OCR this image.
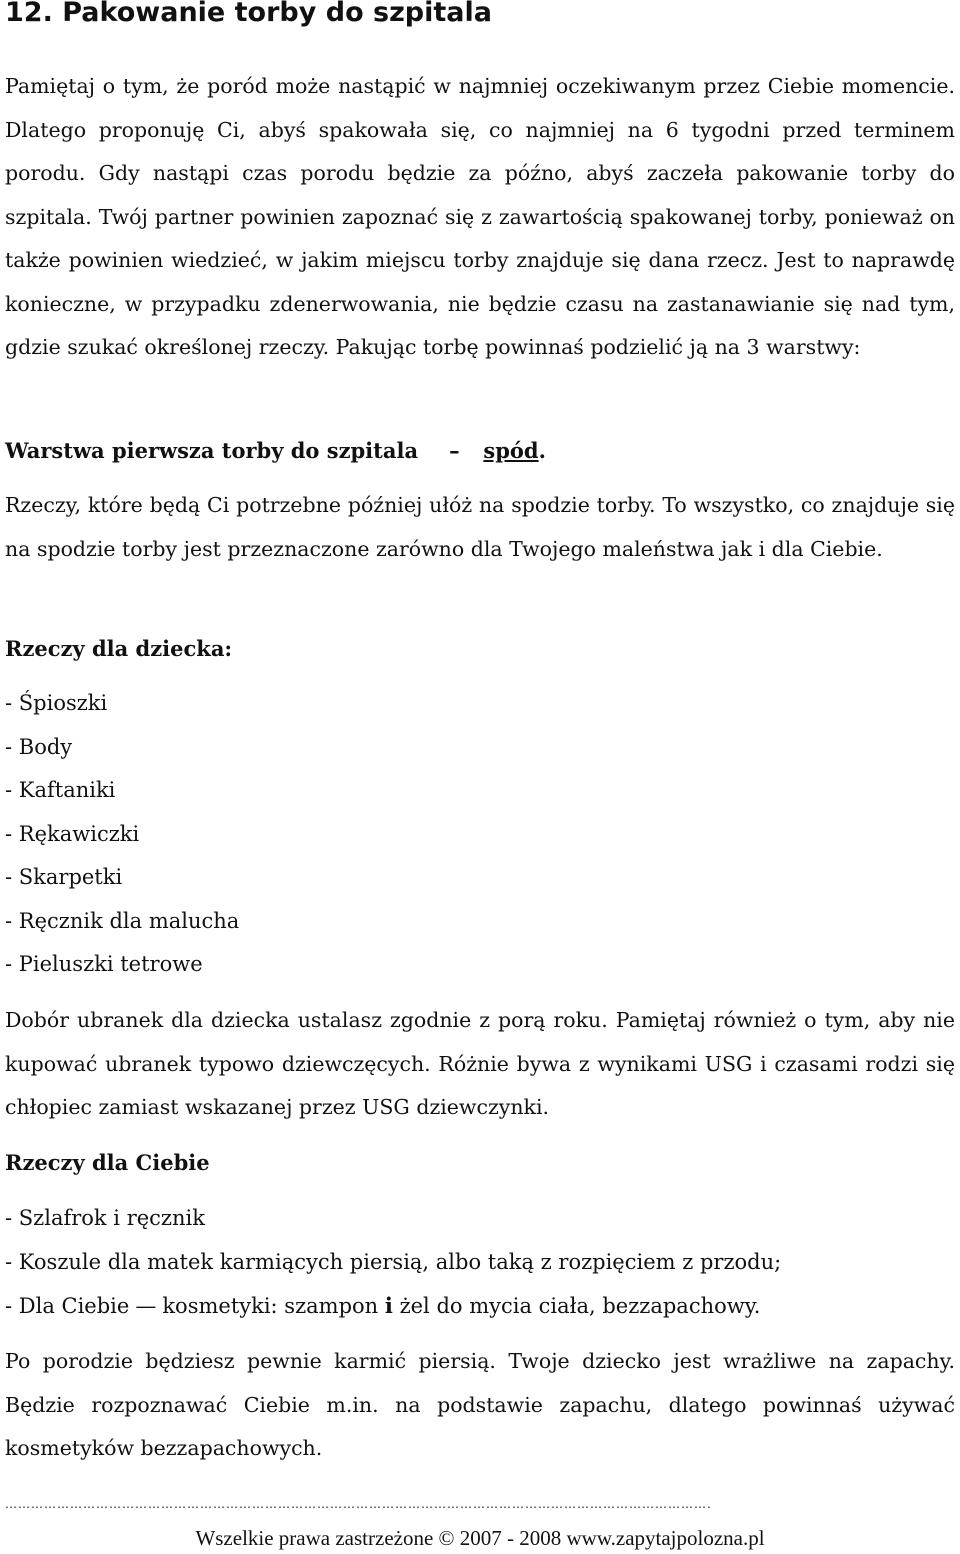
12. Pakowanie torby do szpitala

Pamiętaj o tym, że poród może nastąpić w najmniej oczekiwanym przez Ciebie momencie. Dlatego proponuję Ci, abyś spakowała się, co najmniej na 6 tygodni przed terminem porodu. Gdy nastąpi czas porodu będzie za późno, abyś zaczeła pakowanie torby do szpitala. Twój partner powinien zapoznać się z zawartością spakowanej torby, ponieważ on także powinien wiedzieć, w jakim miejscu torby znajduje się dana rzecz. Jest to naprawdę konieczne, w przypadku zdenerwowania, nie będzie czasu na zastanawianie się nad tym, gdzie szukać określonej rzeczy. Pakując torbę powinnaś podzielić ją na 3 warstwy:

Warstwa pierwsza torby do szpitala – spód.

Rzeczy, które będą Ci potrzebne później ułóż na spodzie torby. To wszystko, co znajduje się na spodzie torby jest przeznaczone zarówno dla Twojego maleństwa jak i dla Ciebie.

Rzeczy dla dziecka:

- Śpioszki
- Body
- Kaftaniki
- Rękawiczki
- Skarpetki
- Ręcznik dla malucha
- Pieluszki tetrowe

Dobór ubranek dla dziecka ustalasz zgodnie z porą roku. Pamiętaj również o tym, aby nie kupować ubranek typowo dziewczęcych. Różnie bywa z wynikami USG i czasami rodzi się chłopiec zamiast wskazanej przez USG dziewczynki.

Rzeczy dla Ciebie

- Szlafrok i ręcznik
- Koszule dla matek karmiących piersią, albo taką z rozpięciem z przodu;
- Dla Ciebie — kosmetyki: szampon i żel do mycia ciała, bezzapachowy.

Po porodzie będziesz pewnie karmić piersią. Twoje dziecko jest wrażliwe na zapachy. Będzie rozpoznawać Ciebie m.in. na podstawie zapachu, dlatego powinnaś używać kosmetyków bezzapachowych.

……………………………………………………………………………………………………………………………………………….
Wszelkie prawa zastrzeżone © 2007 - 2008 www.zapytajpolozna.pl
